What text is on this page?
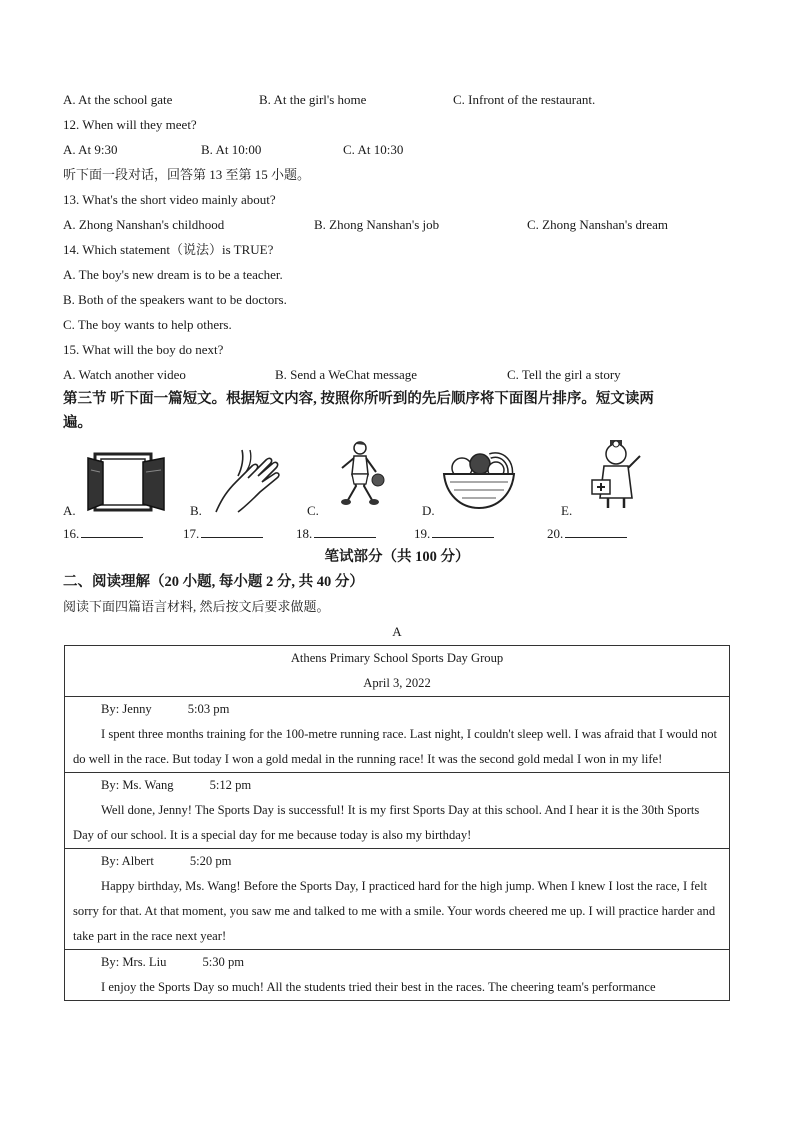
A. At the school gate	B. At the girl's home	C. Infront of the restaurant.
12. When will they meet?
A. At 9:30	B. At 10:00	C. At 10:30
听下面一段对话，回答第 13 至第 15 小题。
13. What's the short video mainly about?
A. Zhong Nanshan's childhood	B. Zhong Nanshan's job	C. Zhong Nanshan's dream
14. Which statement（说法）is TRUE?
A. The boy's new dream is to be a teacher.
B. Both of the speakers want to be doctors.
C. The boy wants to help others.
15. What will the boy do next?
A. Watch another video	B. Send a WeChat message	C. Tell the girl a story
第三节 听下面一篇短文。根据短文内容, 按照你所听到的先后顺序将下面图片排序。短文读两
遍。
A.	B.	C.	D.	E.
16.	17.	18.	19.	20.
笔试部分（共 100 分）
二、阅读理解（20 小题, 每小题 2 分, 共 40 分）
阅读下面四篇语言材料, 然后按文后要求做题。
A
Athens Primary School Sports Day Group
April 3, 2022

By: Jenny	5:03 pm
I spent three months training for the 100-metre running race. Last night, I couldn't sleep well. I was afraid that I would not do well in the race. But today I won a gold medal in the running race! It was the second gold medal I won in my life!

By: Ms. Wang	5:12 pm
Well done, Jenny! The Sports Day is successful! It is my first Sports Day at this school. And I hear it is the 30th Sports Day of our school. It is a special day for me because today is also my birthday!

By: Albert	5:20 pm
Happy birthday, Ms. Wang! Before the Sports Day, I practiced hard for the high jump. When I knew I lost the race, I felt sorry for that. At that moment, you saw me and talked to me with a smile. Your words cheered me up. I will practice harder and take part in the race next year!

By: Mrs. Liu	5:30 pm
I enjoy the Sports Day so much! All the students tried their best in the races. The cheering team's performance
